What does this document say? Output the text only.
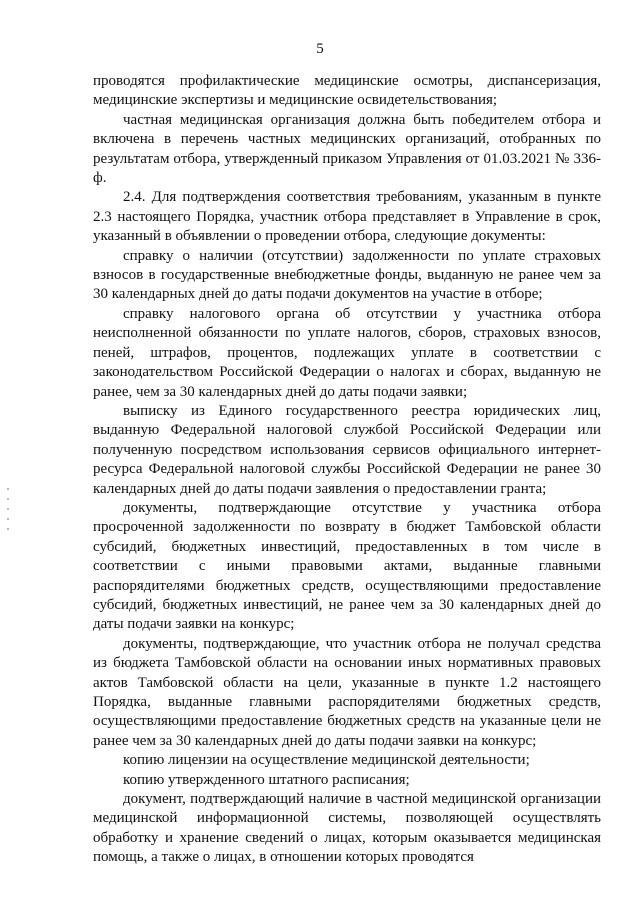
5

проводятся профилактические медицинские осмотры, диспансеризация, медицинские экспертизы и медицинские освидетельствования;

частная медицинская организация должна быть победителем отбора и включена в перечень частных медицинских организаций, отобранных по результатам отбора, утвержденный приказом Управления от 01.03.2021 № 336-ф.

2.4. Для подтверждения соответствия требованиям, указанным в пункте 2.3 настоящего Порядка, участник отбора представляет в Управление в срок, указанный в объявлении о проведении отбора, следующие документы:

справку о наличии (отсутствии) задолженности по уплате страховых взносов в государственные внебюджетные фонды, выданную не ранее чем за 30 календарных дней до даты подачи документов на участие в отборе;

справку налогового органа об отсутствии у участника отбора неисполненной обязанности по уплате налогов, сборов, страховых взносов, пеней, штрафов, процентов, подлежащих уплате в соответствии с законодательством Российской Федерации о налогах и сборах, выданную не ранее, чем за 30 календарных дней до даты подачи заявки;

выписку из Единого государственного реестра юридических лиц, выданную Федеральной налоговой службой Российской Федерации или полученную посредством использования сервисов официального интернет-ресурса Федеральной налоговой службы Российской Федерации не ранее 30 календарных дней до даты подачи заявления о предоставлении гранта;

документы, подтверждающие отсутствие у участника отбора просроченной задолженности по возврату в бюджет Тамбовской области субсидий, бюджетных инвестиций, предоставленных в том числе в соответствии с иными правовыми актами, выданные главными распорядителями бюджетных средств, осуществляющими предоставление субсидий, бюджетных инвестиций, не ранее чем за 30 календарных дней до даты подачи заявки на конкурс;

документы, подтверждающие, что участник отбора не получал средства из бюджета Тамбовской области на основании иных нормативных правовых актов Тамбовской области на цели, указанные в пункте 1.2 настоящего Порядка, выданные главными распорядителями бюджетных средств, осуществляющими предоставление бюджетных средств на указанные цели не ранее чем за 30 календарных дней до даты подачи заявки на конкурс;

копию лицензии на осуществление медицинской деятельности;

копию утвержденного штатного расписания;

документ, подтверждающий наличие в частной медицинской организации медицинской информационной системы, позволяющей осуществлять обработку и хранение сведений о лицах, которым оказывается медицинская помощь, а также о лицах, в отношении которых проводятся
